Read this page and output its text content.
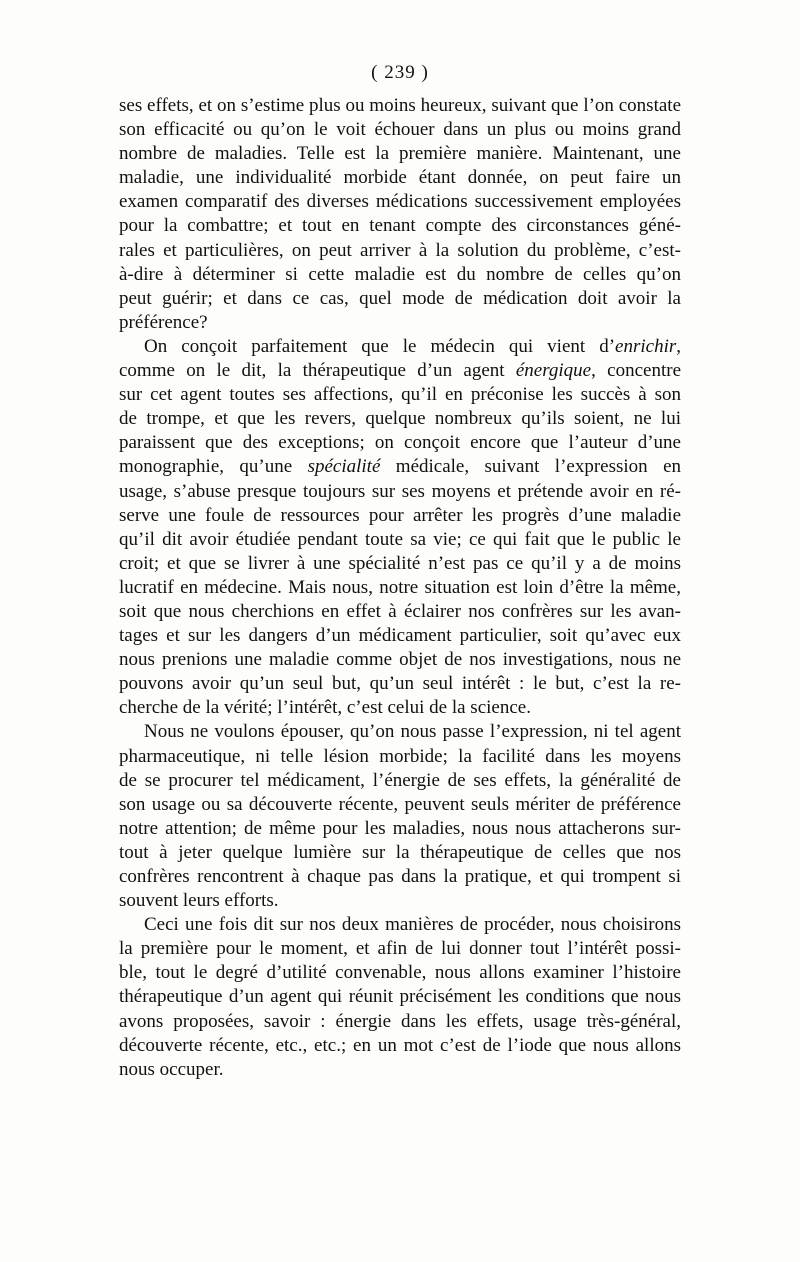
( 239 )
ses effets, et on s’estime plus ou moins heureux, suivant que l’on constate
son efficacité ou qu’on le voit échouer dans un plus ou moins grand
nombre de maladies. Telle est la première manière. Maintenant, une
maladie, une individualité morbide étant donnée, on peut faire un
examen comparatif des diverses médications successivement employées
pour la combattre; et tout en tenant compte des circonstances géné-
rales et particulières, on peut arriver à la solution du problème, c’est-
à-dire à déterminer si cette maladie est du nombre de celles qu’on
peut guérir; et dans ce cas, quel mode de médication doit avoir la
préférence?
On conçoit parfaitement que le médecin qui vient d’enrichir,
comme on le dit, la thérapeutique d’un agent énergique, concentre
sur cet agent toutes ses affections, qu’il en préconise les succès à son
de trompe, et que les revers, quelque nombreux qu’ils soient, ne lui
paraissent que des exceptions; on conçoit encore que l’auteur d’une
monographie, qu’une spécialité médicale, suivant l’expression en
usage, s’abuse presque toujours sur ses moyens et prétende avoir en ré-
serve une foule de ressources pour arrêter les progrès d’une maladie
qu’il dit avoir étudiée pendant toute sa vie; ce qui fait que le public le
croit; et que se livrer à une spécialité n’est pas ce qu’il y a de moins
lucratif en médecine. Mais nous, notre situation est loin d’être la même,
soit que nous cherchions en effet à éclairer nos confrères sur les avan-
tages et sur les dangers d’un médicament particulier, soit qu’avec eux
nous prenions une maladie comme objet de nos investigations, nous ne
pouvons avoir qu’un seul but, qu’un seul intérêt : le but, c’est la re-
cherche de la vérité; l’intérêt, c’est celui de la science.
Nous ne voulons épouser, qu’on nous passe l’expression, ni tel agent
pharmaceutique, ni telle lésion morbide; la facilité dans les moyens
de se procurer tel médicament, l’énergie de ses effets, la généralité de
son usage ou sa découverte récente, peuvent seuls mériter de préférence
notre attention; de même pour les maladies, nous nous attacherons sur-
tout à jeter quelque lumière sur la thérapeutique de celles que nos
confrères rencontrent à chaque pas dans la pratique, et qui trompent si
souvent leurs efforts.
Ceci une fois dit sur nos deux manières de procéder, nous choisirons
la première pour le moment, et afin de lui donner tout l’intérêt possi-
ble, tout le degré d’utilité convenable, nous allons examiner l’histoire
thérapeutique d’un agent qui réunit précisément les conditions que nous
avons proposées, savoir : énergie dans les effets, usage très-général,
découverte récente, etc., etc.; en un mot c’est de l’iode que nous allons
nous occuper.
